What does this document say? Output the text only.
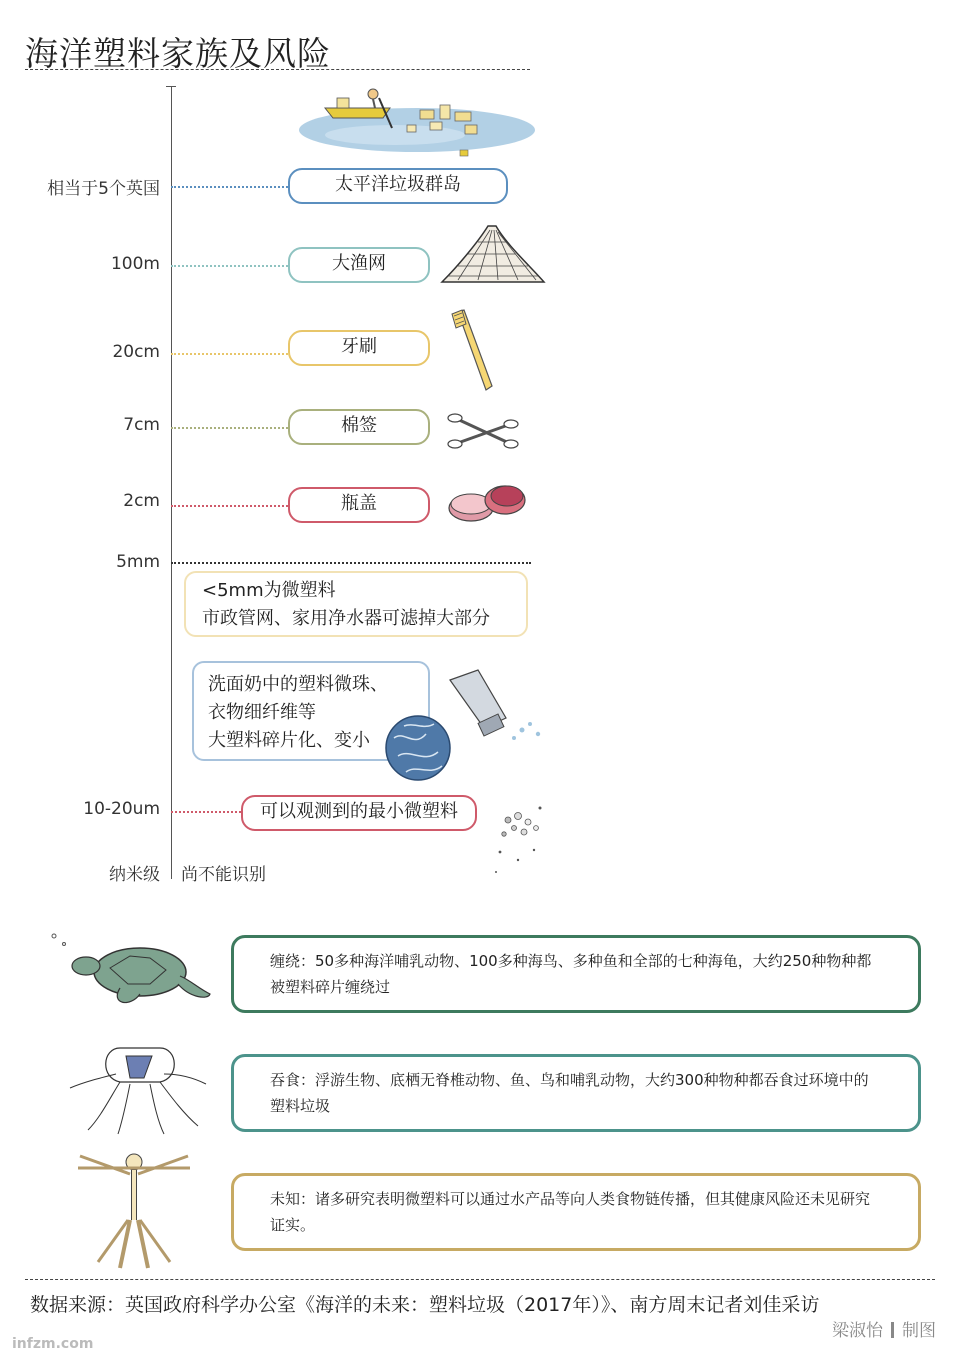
海洋塑料家族及风险
相当于5个英国	太平洋垃圾群岛
100m	大渔网
20cm	牙刷
7cm	棉签
2cm	瓶盖
5mm
<5mm为微塑料
市政管网、家用净水器可滤掉大部分
洗面奶中的塑料微珠、
衣物细纤维等
大塑料碎片化、变小
10-20um	可以观测到的最小微塑料
纳米级 尚不能识别
缠绕：50多种海洋哺乳动物、100多种海鸟、多种鱼和全部的七种海龟，大约250种物种都被塑料碎片缠绕过
吞食：浮游生物、底栖无脊椎动物、鱼、鸟和哺乳动物，大约300种物种都吞食过环境中的塑料垃圾
未知：诸多研究表明微塑料可以通过水产品等向人类食物链传播，但其健康风险还未见研究证实。
数据来源：英国政府科学办公室《海洋的未来：塑料垃圾（2017年）》、南方周末记者刘佳采访
梁淑怡 制图
infzm.com
